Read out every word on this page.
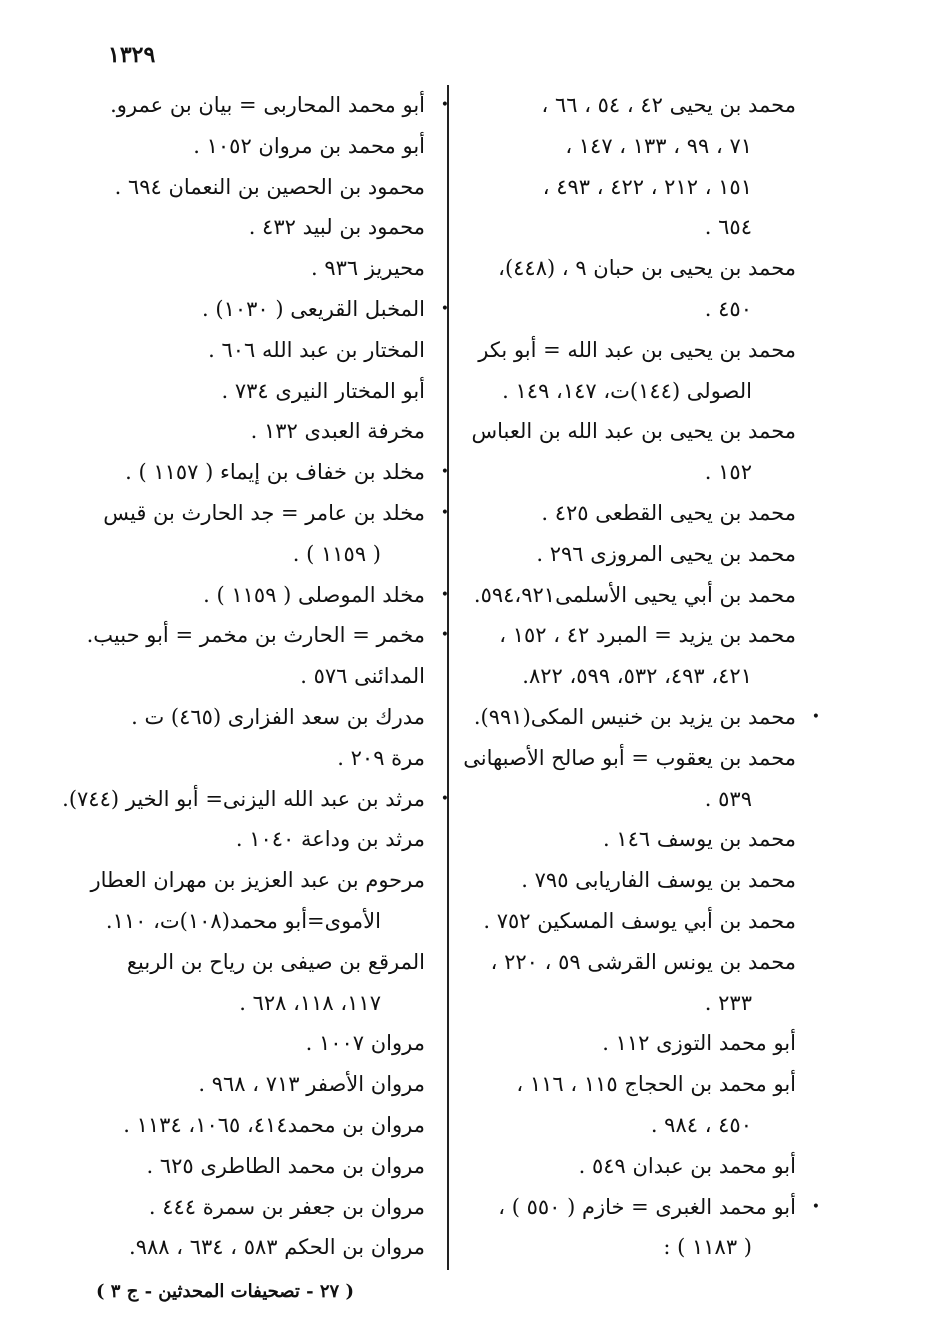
١٣٢٩
محمد بن يحيى ٤٢ ، ٥٤ ، ٦٦ ،
٧١ ، ٩٩ ، ١٣٣ ، ١٤٧ ،
١٥١ ، ٢١٢ ، ٤٢٢ ، ٤٩٣ ،
٦٥٤ .
محمد بن يحيى بن حبان ٩ ، (٤٤٨)،
٤٥٠ .
محمد بن يحيى بن عبد الله = أبو بكر
الصولى (١٤٤)ت، ١٤٧، ١٤٩ .
محمد بن يحيى بن عبد الله بن العباس
١٥٢ .
محمد بن يحيى القطعى ٤٢٥ .
محمد بن يحيى المروزى ٢٩٦ .
محمد بن أبي يحيى الأسلمى٥٩٤،٩٢١.
محمد بن يزيد = المبرد ٤٢ ، ١٥٢ ،
٤٢١، ٤٩٣، ٥٣٢، ٥٩٩، ٨٢٢.
•
محمد بن يزيد بن خنيس المكى(٩٩١).
محمد بن يعقوب = أبو صالح الأصبهانى
٥٣٩ .
محمد بن يوسف ١٤٦ .
محمد بن يوسف الفاريابى ٧٩٥ .
محمد بن أبي يوسف المسكين ٧٥٢ .
محمد بن يونس القرشى ٥٩ ، ٢٢٠ ،
٢٣٣ .
أبو محمد التوزى ١١٢ .
أبو محمد بن الحجاج ١١٥ ، ١١٦ ،
٤٥٠ ، ٩٨٤ .
أبو محمد بن عبدان ٥٤٩ .
•
أبو محمد الغبرى = خازم ( ٥٥٠ ) ،
( ١١٨٣ ) :
•
أبو محمد المحاربى = بيان بن عمرو.
أبو محمد بن مروان ١٠٥٢ .
محمود بن الحصين بن النعمان ٦٩٤ .
محمود بن لبيد ٤٣٢ .
محيريز ٩٣٦ .
•
المخبل القريعى ( ١٠٣٠) .
المختار بن عبد الله ٦٠٦ .
أبو المختار النيرى ٧٣٤ .
مخرفة العبدى ١٣٢ .
•
مخلد بن خفاف بن إيماء ( ١١٥٧ ) .
•
مخلد بن عامر = جد الحارث بن قيس
( ١١٥٩ ) .
•
مخلد الموصلى ( ١١٥٩ ) .
•
مخمر = الحارث بن مخمر = أبو حبيب.
المدائنى ٥٧٦ .
مدرك بن سعد الفزارى (٤٦٥) ت .
مرة ٢٠٩ .
•
مرثد بن عبد الله اليزنى= أبو الخير (٧٤٤).
مرثد بن وداعة ١٠٤٠ .
مرحوم بن عبد العزيز بن مهران العطار
الأموى=أبو محمد(١٠٨)ت، ١١٠.
المرقع بن صيفى بن رياح بن الربيع
١١٧، ١١٨، ٦٢٨ .
مروان ١٠٠٧ .
مروان الأصفر ٧١٣ ، ٩٦٨ .
مروان بن محمد٤١٤، ١٠٦٥، ١١٣٤ .
مروان بن محمد الطاطرى ٦٢٥ .
مروان بن جعفر بن سمرة ٤٤٤ .
مروان بن الحكم ٥٨٣ ، ٦٣٤ ، ٩٨٨.
( ٢٧ - تصحيفات المحدثين - ج ٣ )
